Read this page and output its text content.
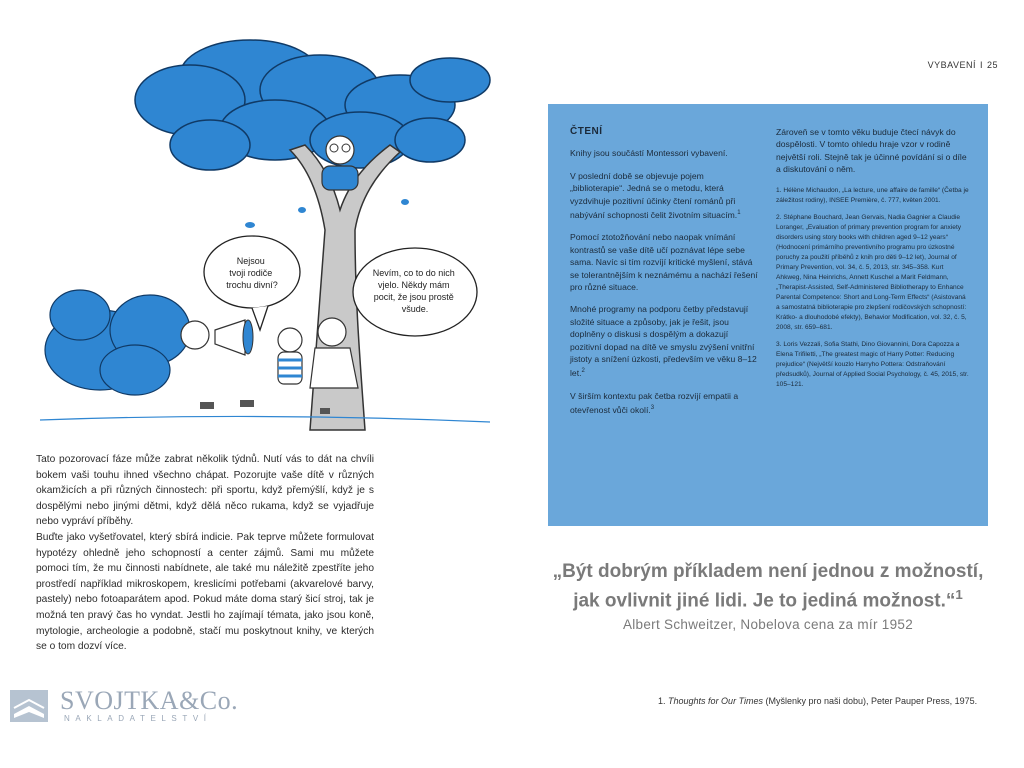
VYBAVENÍ I 25
Nejsou tvoji rodiče trochu divní?
Nevím, co to do nich vjelo. Někdy mám pocit, že jsou prostě všude.

Tato pozorovací fáze může zabrat několik týdnů. Nutí vás to dát na chvíli bokem vaši touhu ihned všechno chápat. Pozorujte vaše dítě v různých okamžicích a při různých činnostech: při sportu, když přemýšlí, když je s dospělými nebo jinými dětmi, když dělá něco rukama, když se vyjadřuje nebo vypráví příběhy.

Buďte jako vyšetřovatel, který sbírá indicie. Pak teprve můžete formulovat hypotézy ohledně jeho schopností a center zájmů. Sami mu můžete pomoci tím, že mu činnosti nabídnete, ale také mu náležitě zpestříte jeho prostředí například mikroskopem, kreslicími potřebami (akvarelové barvy, pastely) nebo fotoaparátem apod. Pokud máte doma starý šicí stroj, tak je možná ten pravý čas ho vyndat. Jestli ho zajímají témata, jako jsou koně, mytologie, archeologie a podobně, stačí mu poskytnout knihy, ve kterých se o tom dozví více.

ČTENÍ

Knihy jsou součástí Montessori vybavení.

V poslední době se objevuje pojem „biblioterapie“. Jedná se o metodu, která vyzdvihuje pozitivní účinky čtení románů při nabývání schopnosti čelit životním situacím.$^1$

Pomocí ztotožňování nebo naopak vnímání kontrastů se vaše dítě učí poznávat lépe sebe sama. Navíc si tím rozvíjí kritické myšlení, stává se tolerantnějším k neznámému a nachází řešení pro různé situace.

Mnohé programy na podporu četby představují složité situace a způsoby, jak je řešit, jsou doplněny o diskusi s dospělým a dokazují pozitivní dopad na dítě ve smyslu zvýšení vnitřní jistoty a snížení úzkosti, především ve věku 8–12 let.$^2$

V širším kontextu pak četba rozvíjí empatii a otevřenost vůči okolí.$^3$

Zároveň se v tomto věku buduje čtecí návyk do dospělosti. V tomto ohledu hraje vzor v rodině největší roli. Stejně tak je účinné povídání si o díle a diskutování o něm.

1. Hélène Michaudon, „La lecture, une affaire de famille“ (Četba je záležitost rodiny), INSEE Première, č. 777, květen 2001.

2. Stéphane Bouchard, Jean Gervais, Nadia Gagnier a Claudie Loranger, „Evaluation of primary prevention program for anxiety disorders using story books with children aged 9–12 years“ (Hodnocení primárního preventivního programu pro úzkostné poruchy za použití příběhů z knih pro děti 9–12 let), Journal of Primary Prevention, vol. 34, č. 5, 2013, str. 345–358. Kurt Ahkweg, Nina Heinrichs, Annett Kuschel a Marit Feldmann, „Therapist-Assisted, Self-Administered Bibliotherapy to Enhance Parental Competence: Short and Long-Term Effects“ (Asistovaná a samostatná biblioterapie pro zlepšení rodičovských schopností: Krátko- a dlouhodobé efekty), Behavior Modification, vol. 32, č. 5, 2008, str. 659–681.

3. Loris Vezzali, Sofia Stathi, Dino Giovannini, Dora Capozza a Elena Trifiletti, „The greatest magic of Harry Potter: Reducing prejudice“ (Největší kouzlo Harryho Pottera: Odstraňování předsudků), Journal of Applied Social Psychology, č. 45, 2015, str. 105–121.

„Být dobrým příkladem není jednou z možností,
jak ovlivnit jiné lidi. Je to jediná možnost.“$^1$
Albert Schweitzer, Nobelova cena za mír 1952
1. Thoughts for Our Times (Myšlenky pro naši dobu), Peter Pauper Press, 1975.
SVOJTKA&Co.
NAKLADATELSTVÍ
